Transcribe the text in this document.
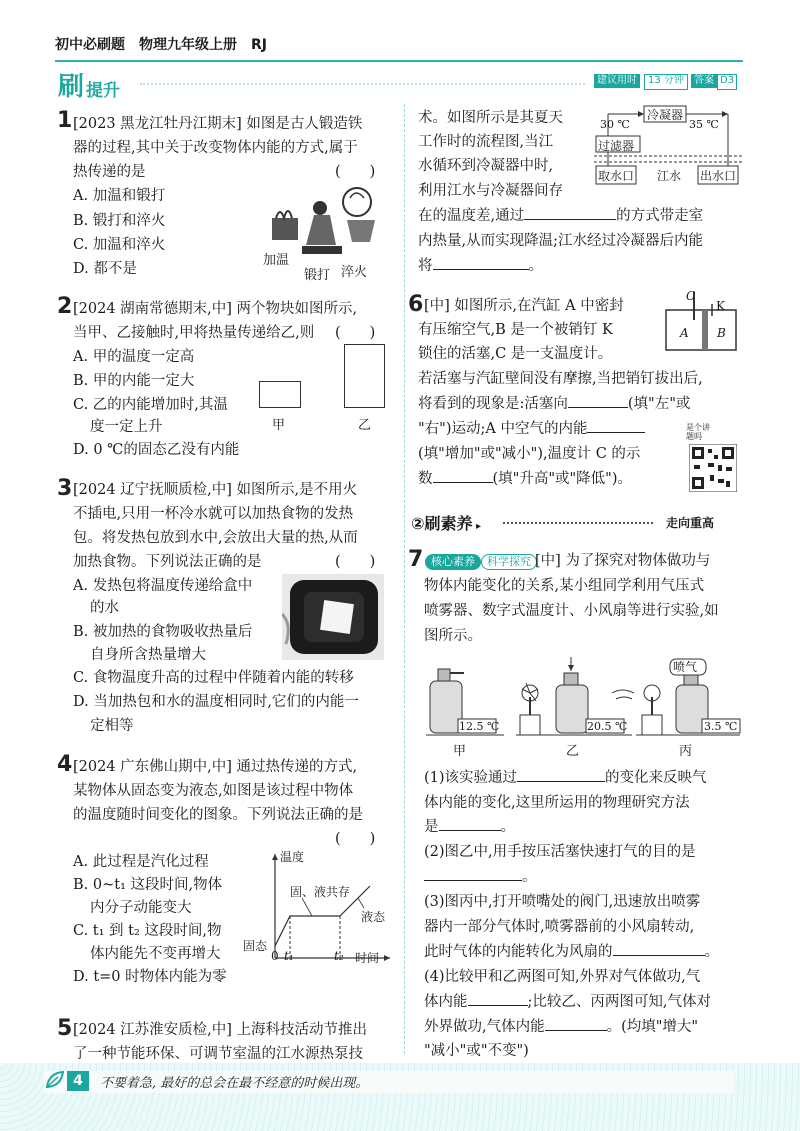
初中必刷题　物理九年级上册　RJ
刷 提升
建议用时	13 分钟	答案 D3
1 [2023 黑龙江牡丹江期末] 如图是古人锻造铁
器的过程,其中关于改变物体内能的方式,属于
热传递的是	(　　)
A. 加温和锻打
B. 锻打和淬火
C. 加温和淬火
D. 都不是
加温
锻打 淬火
2 [2024 湖南常德期末,中] 两个物块如图所示,
当甲、乙接触时,甲将热量传递给乙,则 (　　)
A. 甲的温度一定高
B. 甲的内能一定大
C. 乙的内能增加时,其温
度一定上升
D. 0 ℃的固态乙没有内能
甲	乙
3 [2024 辽宁抚顺质检,中] 如图所示,是不用火
不插电,只用一杯冷水就可以加热食物的发热
包。将发热包放到水中,会放出大量的热,从而
加热食物。下列说法正确的是	(　　)
A. 发热包将温度传递给盒中
的水
B. 被加热的食物吸收热量后
自身所含热量增大
C. 食物温度升高的过程中伴随着内能的转移
D. 当加热包和水的温度相同时,它们的内能一
定相等
4 [2024 广东佛山期中,中] 通过热传递的方式,
某物体从固态变为液态,如图是该过程中物体
的温度随时间变化的图象。下列说法正确的是
(　　)
A. 此过程是汽化过程
B. 0~t₁ 这段时间,物体
内分子动能变大
C. t₁ 到 t₂ 这段时间,物
体内能先不变再增大
D. t=0 时物体内能为零
温度
固、液共存
液态
固态
0 t₁	t₂ 时间
5 [2024 江苏淮安质检,中] 上海科技活动节推出
了一种节能环保、可调节室温的江水源热泵技
术。如图所示是其夏天
工作时的流程图,当江
水循环到冷凝器中时,
利用江水与冷凝器间存
在的温度差,通过	的方式带走室
内热量,从而实现降温;江水经过冷凝器后内能
将	。
冷凝器
30 ℃	35 ℃
过滤器
取水口 江水 出水口
6 [中] 如图所示,在汽缸 A 中密封
有压缩空气,B 是一个被销钉 K
锁住的活塞,C 是一支温度计。
若活塞与汽缸壁间没有摩擦,当把销钉拔出后,
将看到的现象是:活塞向	(填"左"或
"右")运动;A 中空气的内能
(填"增加"或"减小"),温度计 C 的示
数	(填"升高"或"降低")。
C
K
A B
是个讲题吗
②刷素养 ▸	走向重高
7 核心素养 科学探究 [中] 为了探究对物体做功与
物体内能变化的关系,某小组同学利用气压式
喷雾器、数字式温度计、小风扇等进行实验,如
图所示。
喷气
12.5 ℃	20.5 ℃	3.5 ℃
甲	乙	丙
(1)该实验通过	的变化来反映气
体内能的变化,这里所运用的物理研究方法
是	。
(2)图乙中,用手按压活塞快速打气的目的是
。
(3)图丙中,打开喷嘴处的阀门,迅速放出喷雾
器内一部分气体时,喷雾器前的小风扇转动,
此时气体的内能转化为风扇的	。
(4)比较甲和乙两图可知,外界对气体做功,气
体内能	;比较乙、丙两图可知,气体对
外界做功,气体内能	。(均填"增大"
"减小"或"不变")
4	不要着急, 最好的总会在最不经意的时候出现。
